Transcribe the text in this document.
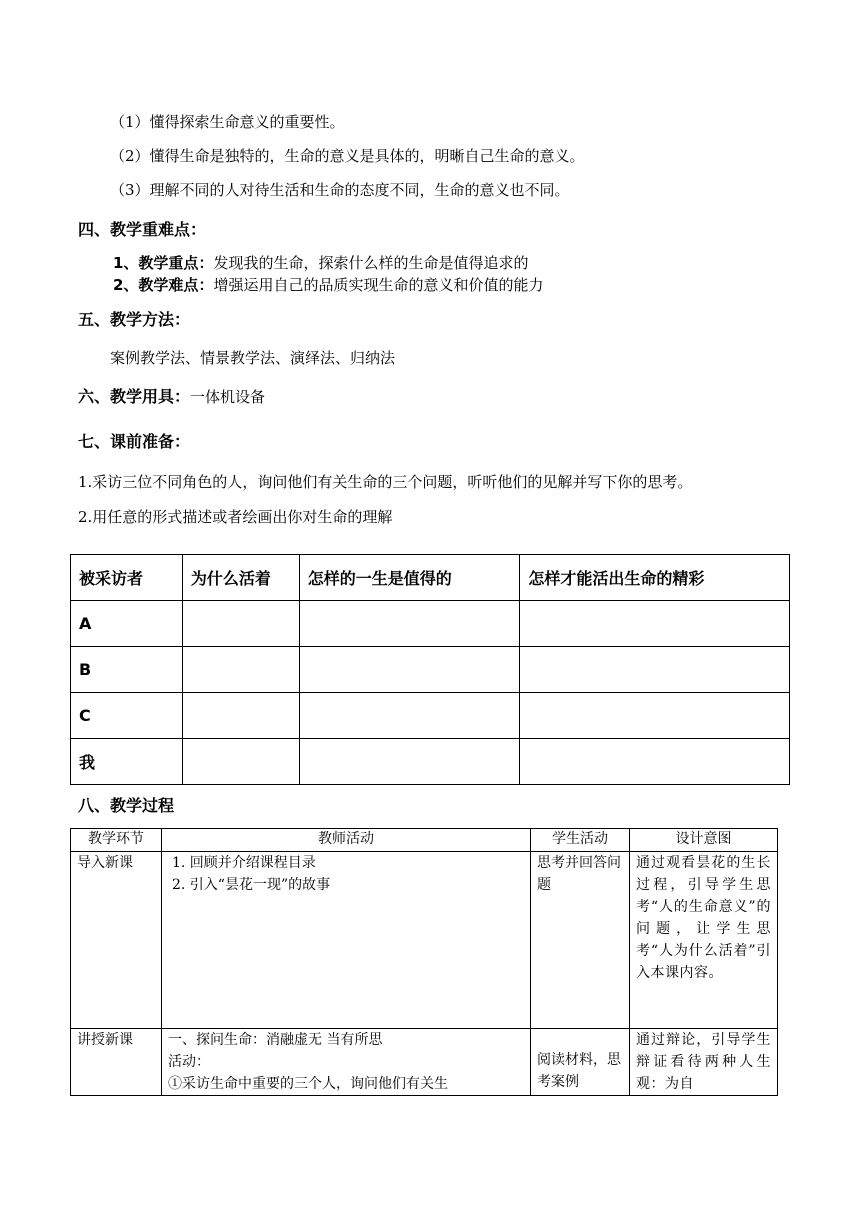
（1）懂得探索生命意义的重要性。
（2）懂得生命是独特的，生命的意义是具体的，明晰自己生命的意义。
（3）理解不同的人对待生活和生命的态度不同，生命的意义也不同。
四、教学重难点：
1、教学重点：发现我的生命，探索什么样的生命是值得追求的
2、教学难点：增强运用自己的品质实现生命的意义和价值的能力
五、教学方法：
案例教学法、情景教学法、演绎法、归纳法
六、教学用具：一体机设备
七、课前准备：
1.采访三位不同角色的人，询问他们有关生命的三个问题，听听他们的见解并写下你的思考。
2.用任意的形式描述或者绘画出你对生命的理解
被采访者	为什么活着	怎样的一生是值得的	怎样才能活出生命的精彩
A			
B			
C			
我			
八、教学过程
教学环节	教师活动	学生活动	设计意图
导入新课	1. 回顾并介绍课程目录
2. 引入“昙花一现”的故事	思考并回答问题	通过观看昙花的生长过程，引导学生思考“人的生命意义”的问题，让学生思考“人为什么活着”引入本课内容。
讲授新课	一、探问生命：消融虚无 当有所思
活动：
①采访生命中重要的三个人，询问他们有关生	阅读材料，思考案例	通过辩论，引导学生辩证看待两种人生观：为自
